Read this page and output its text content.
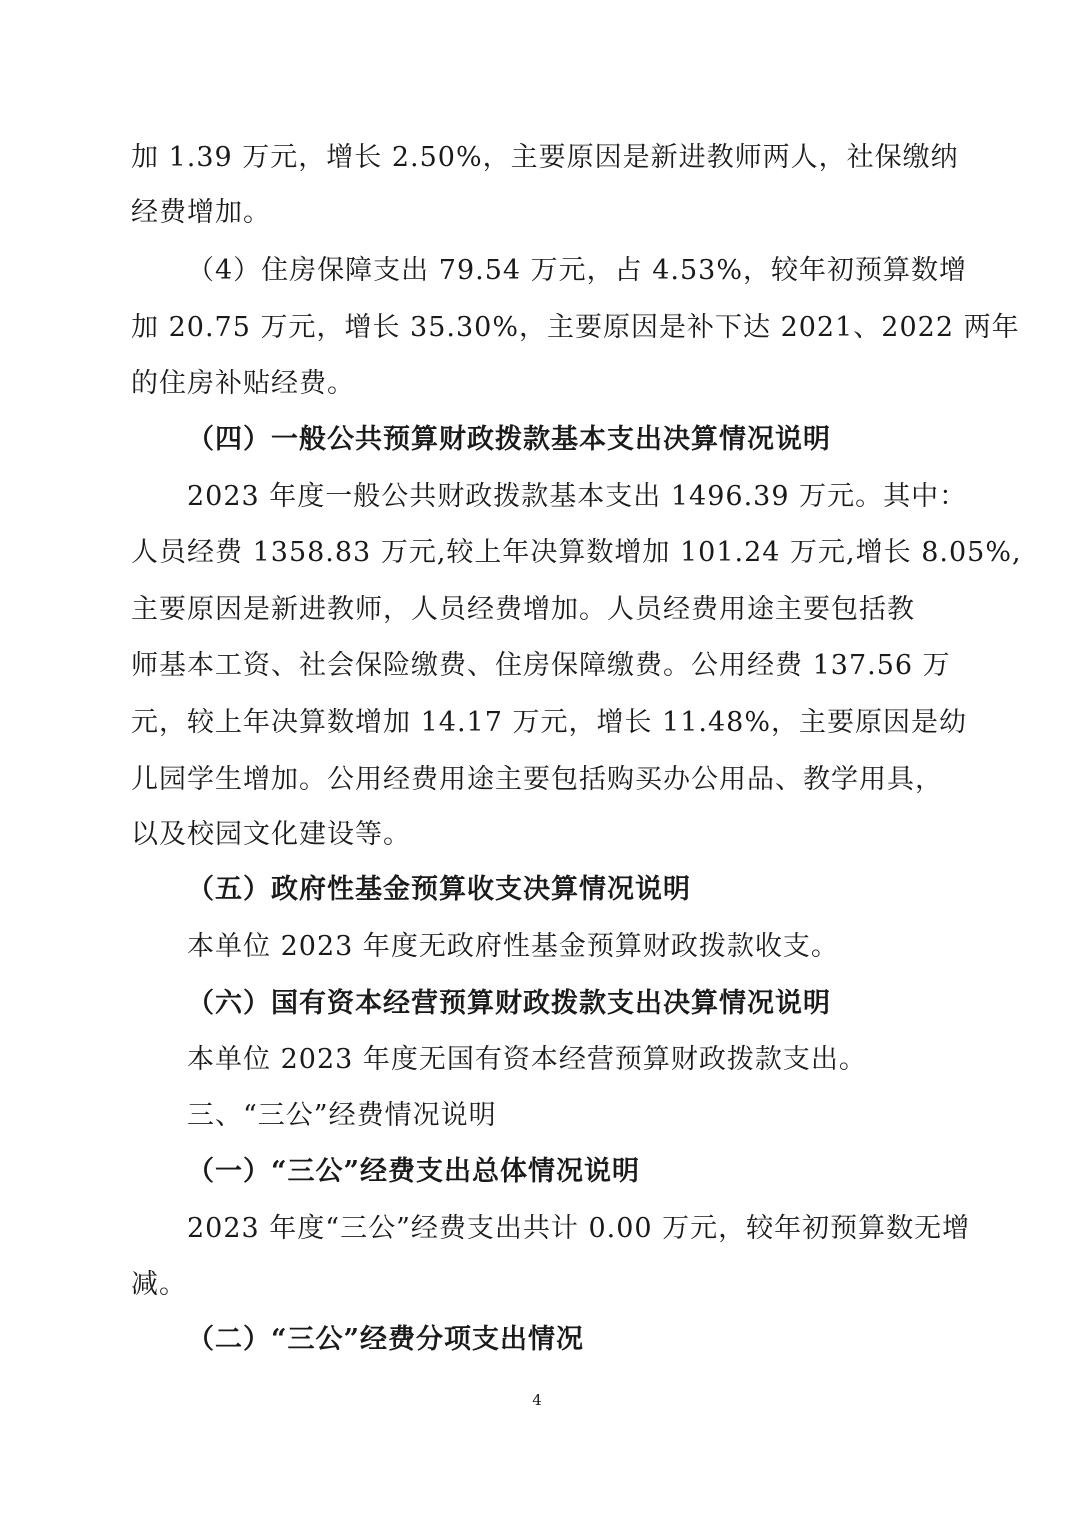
加 1.39 万元，增长 2.50%，主要原因是新进教师两人，社保缴纳
经费增加。
（4）住房保障支出 79.54 万元，占 4.53%，较年初预算数增
加 20.75 万元，增长 35.30%，主要原因是补下达 2021、2022 两年
的住房补贴经费。
（四）一般公共预算财政拨款基本支出决算情况说明
2023 年度一般公共财政拨款基本支出 1496.39 万元。其中：
人员经费 1358.83 万元,较上年决算数增加 101.24 万元,增长 8.05%,
主要原因是新进教师，人员经费增加。人员经费用途主要包括教
师基本工资、社会保险缴费、住房保障缴费。公用经费 137.56 万
元，较上年决算数增加 14.17 万元，增长 11.48%，主要原因是幼
儿园学生增加。公用经费用途主要包括购买办公用品、教学用具，
以及校园文化建设等。
（五）政府性基金预算收支决算情况说明
本单位 2023 年度无政府性基金预算财政拨款收支。
（六）国有资本经营预算财政拨款支出决算情况说明
本单位 2023 年度无国有资本经营预算财政拨款支出。
三、“三公”经费情况说明
（一）“三公”经费支出总体情况说明
2023 年度“三公”经费支出共计 0.00 万元，较年初预算数无增
减。
（二）“三公”经费分项支出情况
4
